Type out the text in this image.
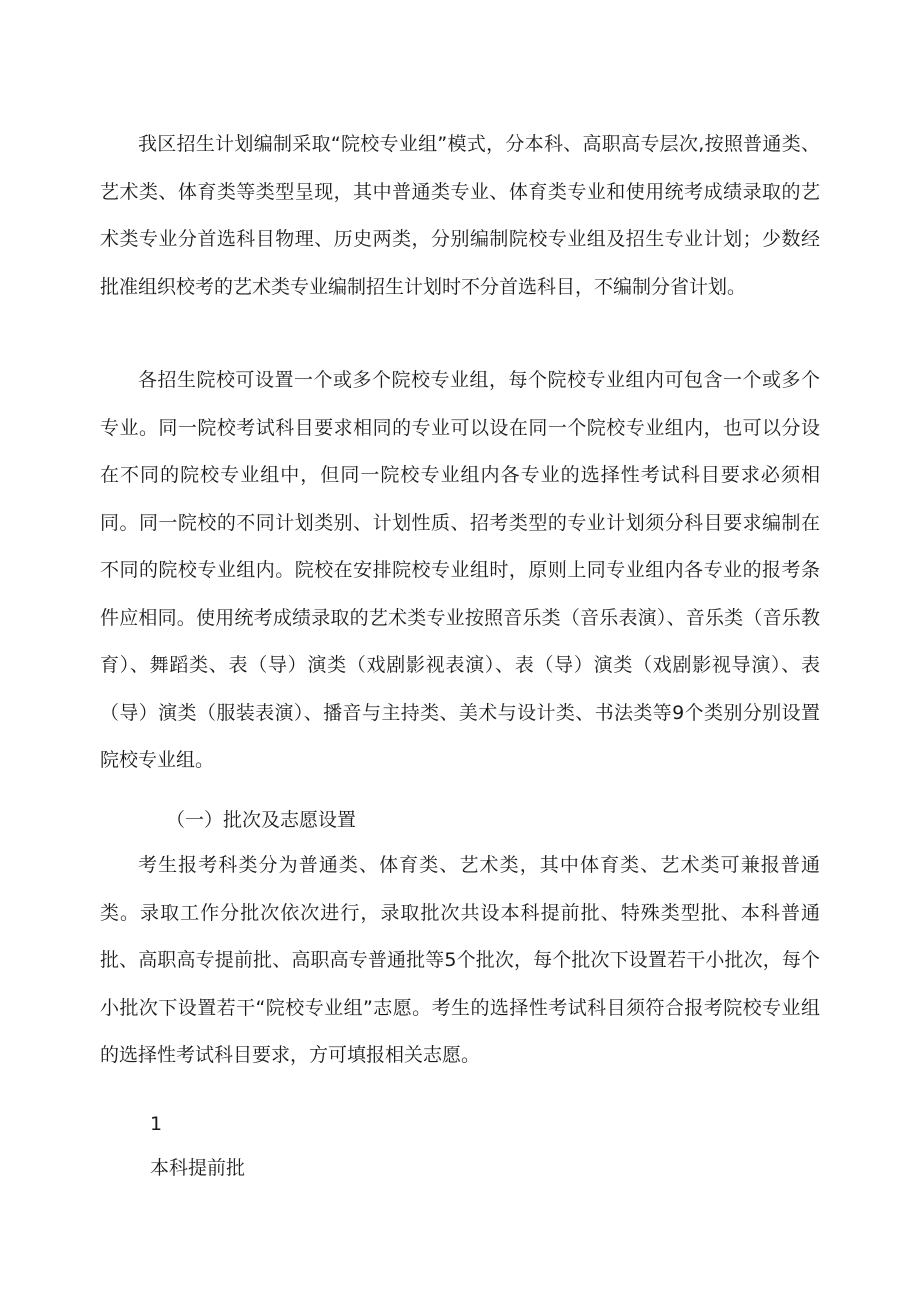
我区招生计划编制采取“院校专业组”模式，分本科、高职高专层次,按照普通类、艺术类、体育类等类型呈现，其中普通类专业、体育类专业和使用统考成绩录取的艺术类专业分首选科目物理、历史两类，分别编制院校专业组及招生专业计划；少数经批准组织校考的艺术类专业编制招生计划时不分首选科目，不编制分省计划。

各招生院校可设置一个或多个院校专业组，每个院校专业组内可包含一个或多个专业。同一院校考试科目要求相同的专业可以设在同一个院校专业组内，也可以分设在不同的院校专业组中，但同一院校专业组内各专业的选择性考试科目要求必须相同。同一院校的不同计划类别、计划性质、招考类型的专业计划须分科目要求编制在不同的院校专业组内。院校在安排院校专业组时，原则上同专业组内各专业的报考条件应相同。使用统考成绩录取的艺术类专业按照音乐类（音乐表演）、音乐类（音乐教育）、舞蹈类、表（导）演类（戏剧影视表演）、表（导）演类（戏剧影视导演）、表（导）演类（服装表演）、播音与主持类、美术与设计类、书法类等9个类别分别设置院校专业组。

（一）批次及志愿设置

考生报考科类分为普通类、体育类、艺术类，其中体育类、艺术类可兼报普通类。录取工作分批次依次进行，录取批次共设本科提前批、特殊类型批、本科普通批、高职高专提前批、高职高专普通批等5个批次，每个批次下设置若干小批次，每个小批次下设置若干“院校专业组”志愿。考生的选择性考试科目须符合报考院校专业组的选择性考试科目要求，方可填报相关志愿。

1

本科提前批
